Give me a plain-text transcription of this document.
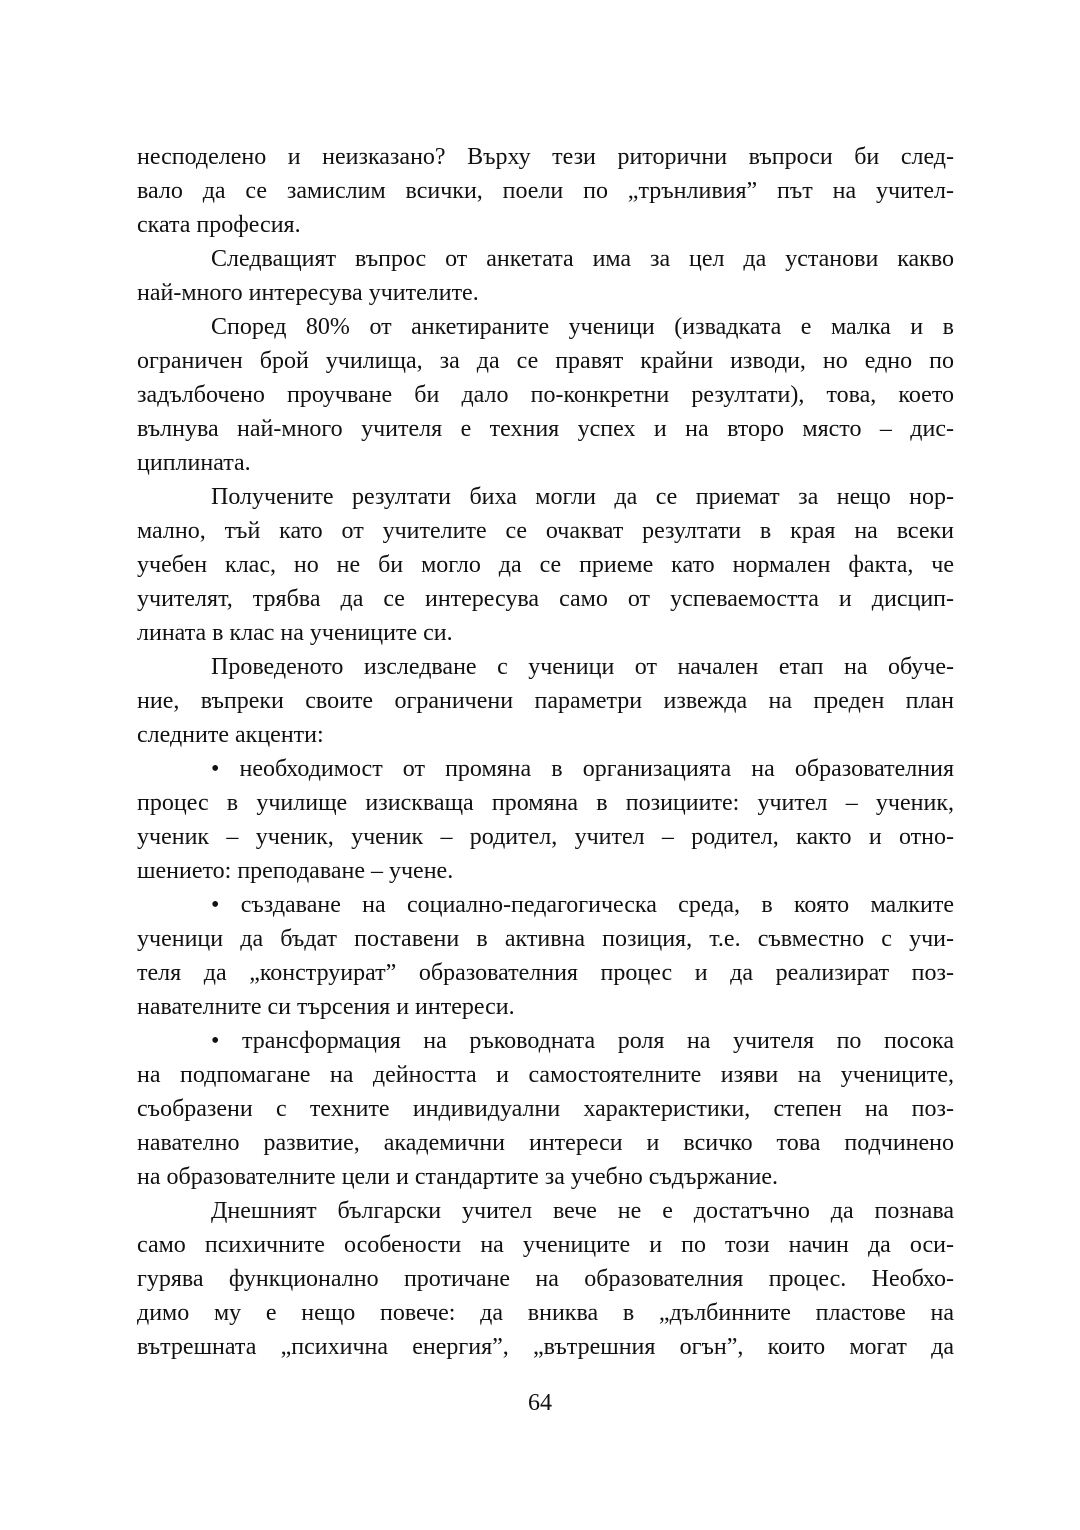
несподелено и неизказано? Върху тези риторични въпроси би след-
вало да се замислим всички, поели по „трънливия” път на учител-
ската професия.
Следващият въпрос от анкетата има за цел да установи какво
най-много интересува учителите.
Според 80% от анкетираните ученици (извадката е малка и в
ограничен брой училища, за да се правят крайни изводи, но едно по
задълбочено проучване би дало по-конкретни резултати), това, което
вълнува най-много учителя е техния успех и на второ място – дис-
циплината.
Получените резултати биха могли да се приемат за нещо нор-
мално, тъй като от учителите се очакват резултати в края на всеки
учебен клас, но не би могло да се приеме като нормален факта, че
учителят, трябва да се интересува само от успеваемостта и дисцип-
лината в клас на учениците си.
Проведеното изследване с ученици от начален етап на обуче-
ние, въпреки своите ограничени параметри извежда на преден план
следните акценти:
• необходимост от промяна в организацията на образователния
процес в училище изискваща промяна в позициите: учител – ученик,
ученик – ученик, ученик – родител, учител – родител, както и отно-
шението: преподаване – учене.
• създаване на социално-педагогическа среда, в която малките
ученици да бъдат поставени в активна позиция, т.е. съвместно с учи-
теля да „конструират” образователния процес и да реализират поз-
навателните си търсения и интереси.
• трансформация на ръководната роля на учителя по посока
на подпомагане на дейността и самостоятелните изяви на учениците,
съобразени с техните индивидуални характеристики, степен на поз-
навателно развитие, академични интереси и всичко това подчинено
на образователните цели и стандартите за учебно съдържание.
Днешният български учител вече не е достатъчно да познава
само психичните особености на учениците и по този начин да оси-
гурява функционално протичане на образователния процес. Необхо-
димо му е нещо повече: да вниква в „дълбинните пластове на
вътрешната „психична енергия”, „вътрешния огън”, които могат да
64
